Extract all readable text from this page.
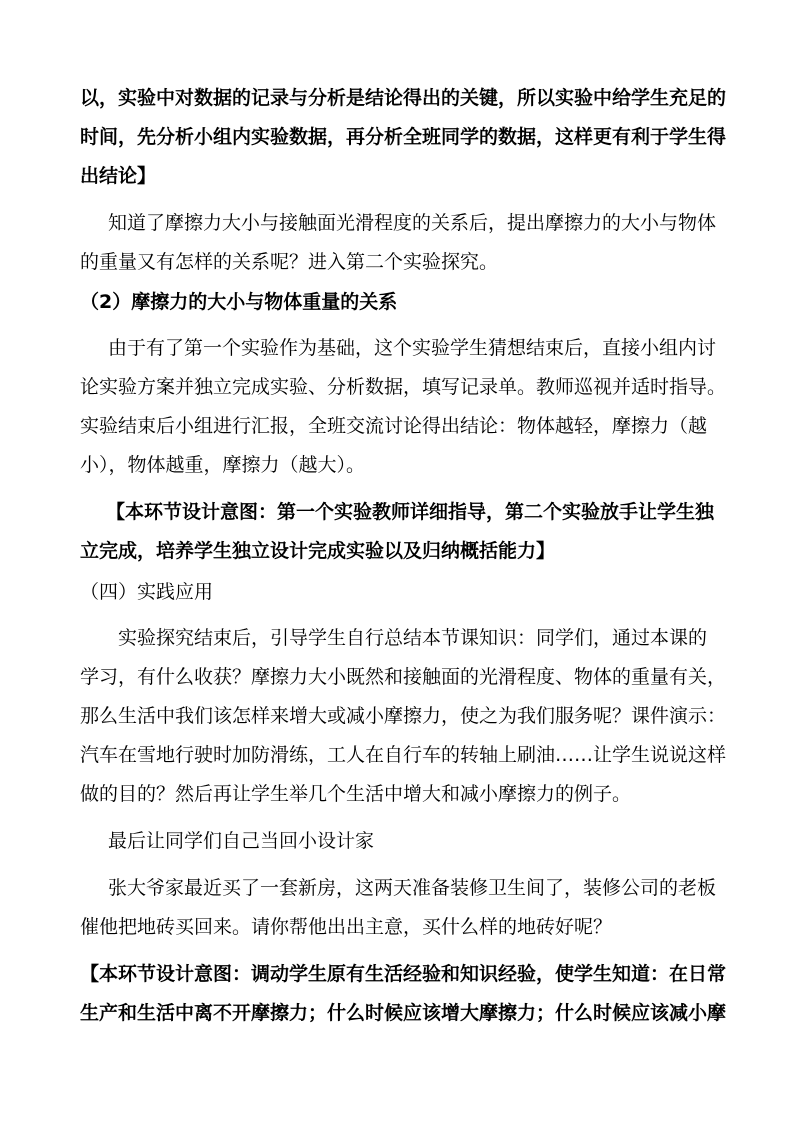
以，实验中对数据的记录与分析是结论得出的关键，所以实验中给学生充足的
时间，先分析小组内实验数据，再分析全班同学的数据，这样更有利于学生得
出结论】
知道了摩擦力大小与接触面光滑程度的关系后，提出摩擦力的大小与物体
的重量又有怎样的关系呢？进入第二个实验探究。
（2）摩擦力的大小与物体重量的关系
由于有了第一个实验作为基础，这个实验学生猜想结束后，直接小组内讨
论实验方案并独立完成实验、分析数据，填写记录单。教师巡视并适时指导。
实验结束后小组进行汇报，全班交流讨论得出结论：物体越轻，摩擦力（越
小），物体越重，摩擦力（越大）。
【本环节设计意图：第一个实验教师详细指导，第二个实验放手让学生独
立完成，培养学生独立设计完成实验以及归纳概括能力】
（四）实践应用
实验探究结束后，引导学生自行总结本节课知识：同学们，通过本课的
学习，有什么收获？摩擦力大小既然和接触面的光滑程度、物体的重量有关，
那么生活中我们该怎样来增大或减小摩擦力，使之为我们服务呢？课件演示：
汽车在雪地行驶时加防滑练，工人在自行车的转轴上刷油……让学生说说这样
做的目的？然后再让学生举几个生活中增大和减小摩擦力的例子。
最后让同学们自己当回小设计家
张大爷家最近买了一套新房，这两天准备装修卫生间了，装修公司的老板
催他把地砖买回来。请你帮他出出主意，买什么样的地砖好呢？
【本环节设计意图：调动学生原有生活经验和知识经验，使学生知道：在日常
生产和生活中离不开摩擦力；什么时候应该增大摩擦力；什么时候应该减小摩
